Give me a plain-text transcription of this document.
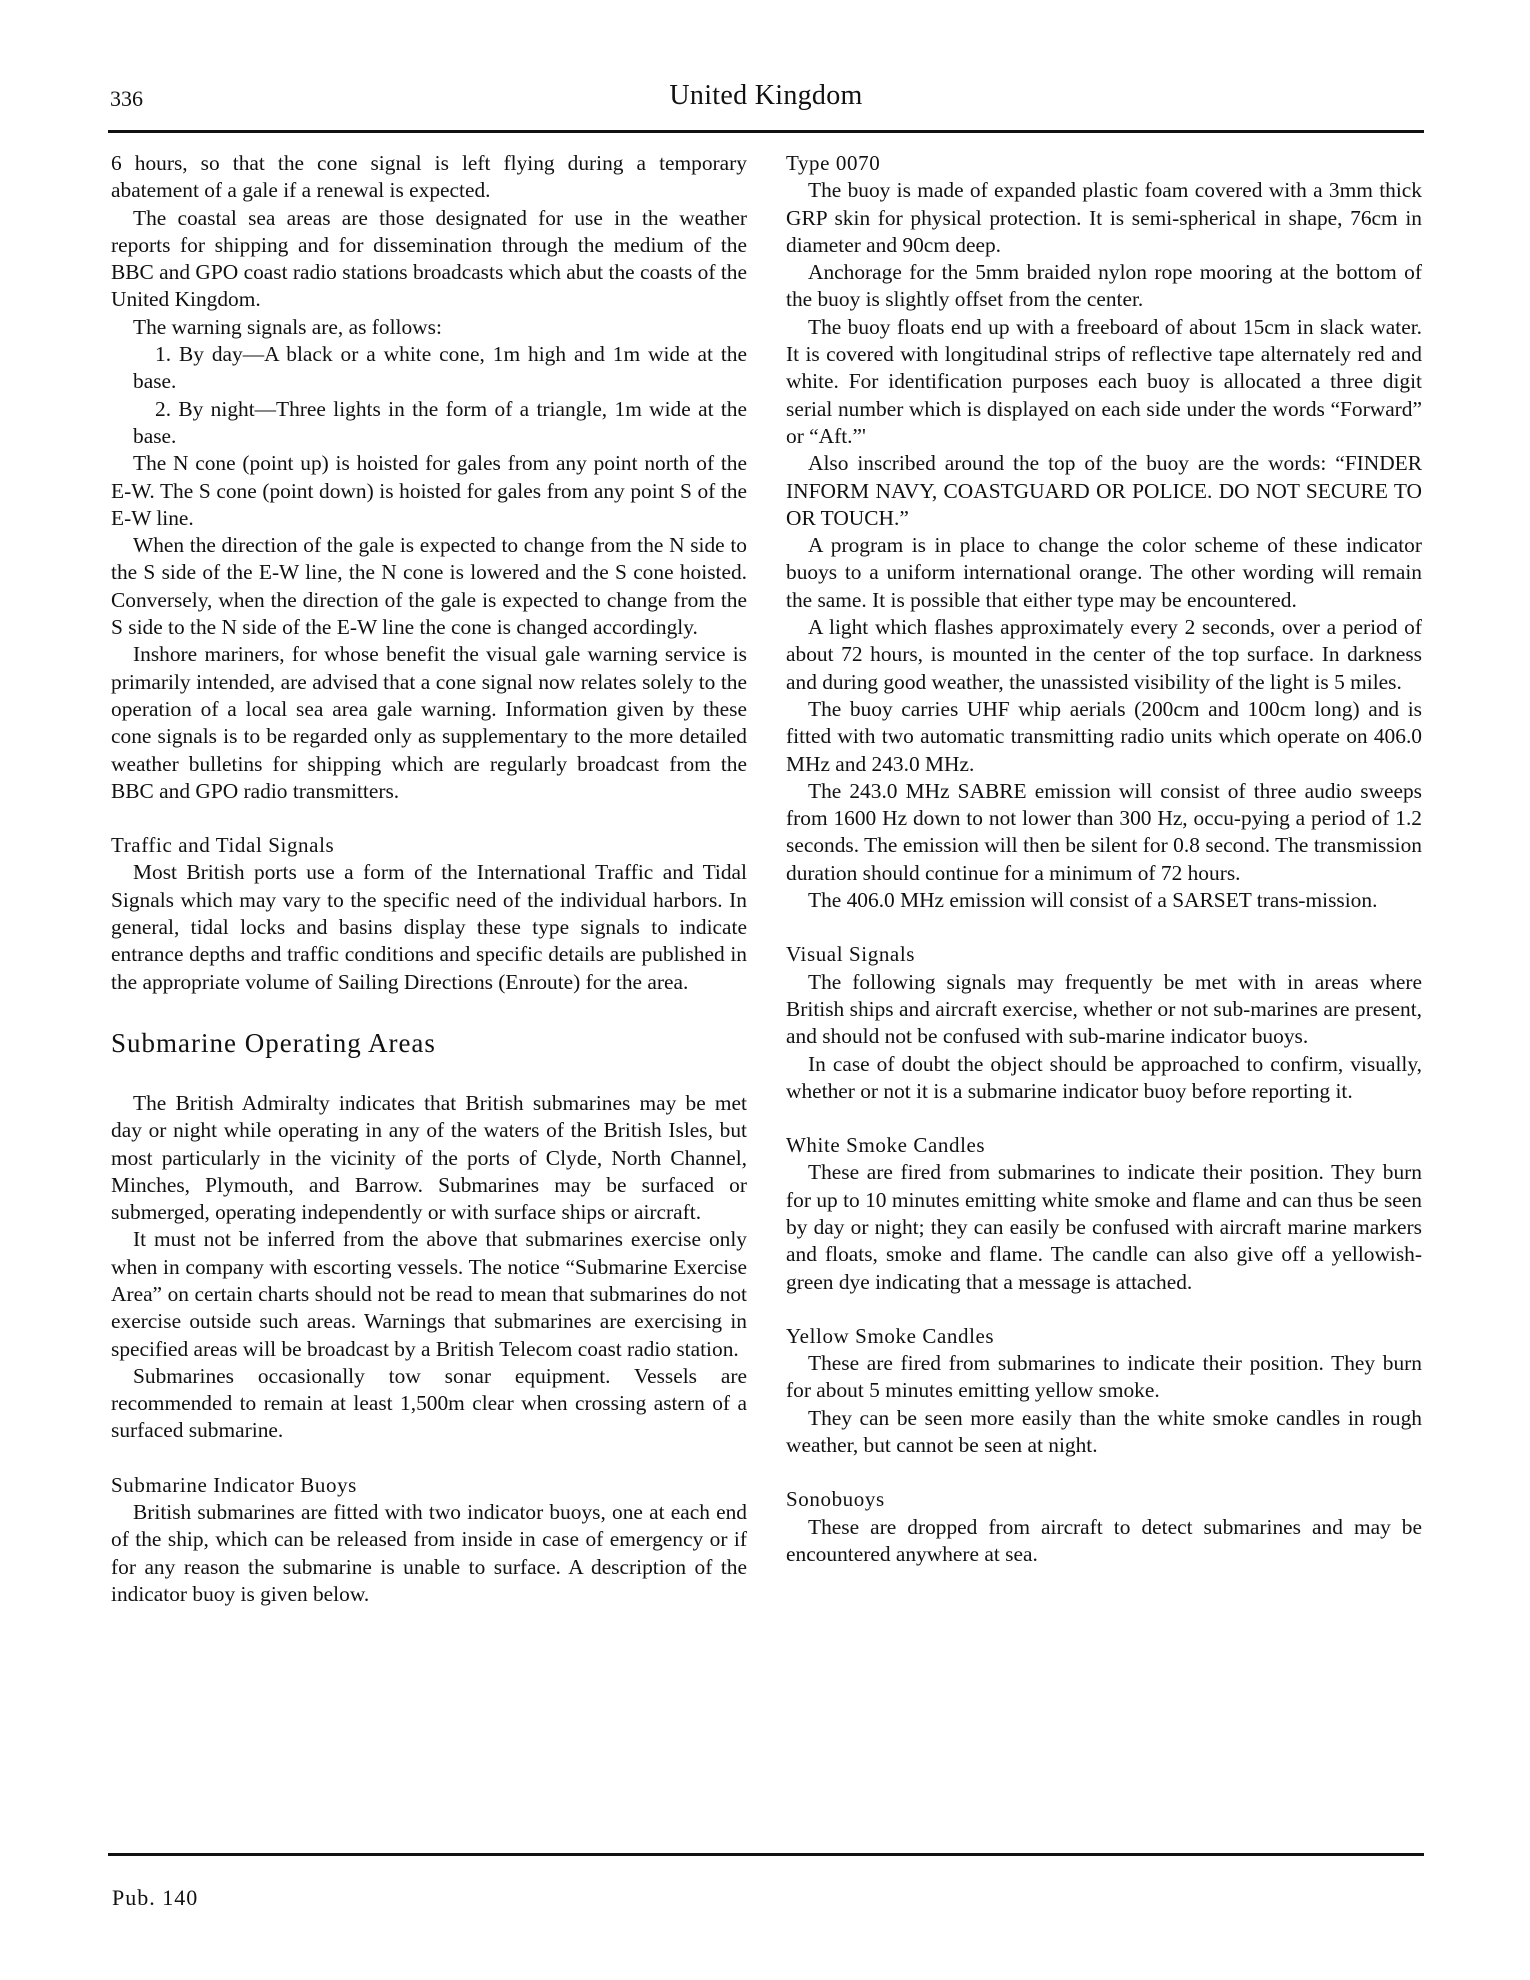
336	United Kingdom

6 hours, so that the cone signal is left flying during a temporary abatement of a gale if a renewal is expected.

The coastal sea areas are those designated for use in the weather reports for shipping and for dissemination through the medium of the BBC and GPO coast radio stations broadcasts which abut the coasts of the United Kingdom.

The warning signals are, as follows:

1. By day—A black or a white cone, 1m high and 1m wide at the base.

2. By night—Three lights in the form of a triangle, 1m wide at the base.

The N cone (point up) is hoisted for gales from any point north of the E-W. The S cone (point down) is hoisted for gales from any point S of the E-W line.

When the direction of the gale is expected to change from the N side to the S side of the E-W line, the N cone is lowered and the S cone hoisted. Conversely, when the direction of the gale is expected to change from the S side to the N side of the E-W line the cone is changed accordingly.

Inshore mariners, for whose benefit the visual gale warning service is primarily intended, are advised that a cone signal now relates solely to the operation of a local sea area gale warning. Information given by these cone signals is to be regarded only as supplementary to the more detailed weather bulletins for shipping which are regularly broadcast from the BBC and GPO radio transmitters.

Traffic and Tidal Signals

Most British ports use a form of the International Traffic and Tidal Signals which may vary to the specific need of the individual harbors. In general, tidal locks and basins display these type signals to indicate entrance depths and traffic conditions and specific details are published in the appropriate volume of Sailing Directions (Enroute) for the area.

Submarine Operating Areas

The British Admiralty indicates that British submarines may be met day or night while operating in any of the waters of the British Isles, but most particularly in the vicinity of the ports of Clyde, North Channel, Minches, Plymouth, and Barrow. Submarines may be surfaced or submerged, operating independently or with surface ships or aircraft.

It must not be inferred from the above that submarines exercise only when in company with escorting vessels. The notice “Submarine Exercise Area” on certain charts should not be read to mean that submarines do not exercise outside such areas. Warnings that submarines are exercising in specified areas will be broadcast by a British Telecom coast radio station.

Submarines occasionally tow sonar equipment. Vessels are recommended to remain at least 1,500m clear when crossing astern of a surfaced submarine.

Submarine Indicator Buoys

British submarines are fitted with two indicator buoys, one at each end of the ship, which can be released from inside in case of emergency or if for any reason the submarine is unable to surface. A description of the indicator buoy is given below.

Type 0070

The buoy is made of expanded plastic foam covered with a 3mm thick GRP skin for physical protection. It is semi-spherical in shape, 76cm in diameter and 90cm deep.

Anchorage for the 5mm braided nylon rope mooring at the bottom of the buoy is slightly offset from the center.

The buoy floats end up with a freeboard of about 15cm in slack water. It is covered with longitudinal strips of reflective tape alternately red and white. For identification purposes each buoy is allocated a three digit serial number which is displayed on each side under the words “Forward” or “Aft.”'

Also inscribed around the top of the buoy are the words: “FINDER INFORM NAVY, COASTGUARD OR POLICE. DO NOT SECURE TO OR TOUCH.”

A program is in place to change the color scheme of these indicator buoys to a uniform international orange. The other wording will remain the same. It is possible that either type may be encountered.

A light which flashes approximately every 2 seconds, over a period of about 72 hours, is mounted in the center of the top surface. In darkness and during good weather, the unassisted visibility of the light is 5 miles.

The buoy carries UHF whip aerials (200cm and 100cm long) and is fitted with two automatic transmitting radio units which operate on 406.0 MHz and 243.0 MHz.

The 243.0 MHz SABRE emission will consist of three audio sweeps from 1600 Hz down to not lower than 300 Hz, occu-pying a period of 1.2 seconds. The emission will then be silent for 0.8 second. The transmission duration should continue for a minimum of 72 hours.

The 406.0 MHz emission will consist of a SARSET trans-mission.

Visual Signals

The following signals may frequently be met with in areas where British ships and aircraft exercise, whether or not sub-marines are present, and should not be confused with sub-marine indicator buoys.

In case of doubt the object should be approached to confirm, visually, whether or not it is a submarine indicator buoy before reporting it.

White Smoke Candles

These are fired from submarines to indicate their position. They burn for up to 10 minutes emitting white smoke and flame and can thus be seen by day or night; they can easily be confused with aircraft marine markers and floats, smoke and flame. The candle can also give off a yellowish-green dye indicating that a message is attached.

Yellow Smoke Candles

These are fired from submarines to indicate their position. They burn for about 5 minutes emitting yellow smoke.

They can be seen more easily than the white smoke candles in rough weather, but cannot be seen at night.

Sonobuoys

These are dropped from aircraft to detect submarines and may be encountered anywhere at sea.

Pub. 140
